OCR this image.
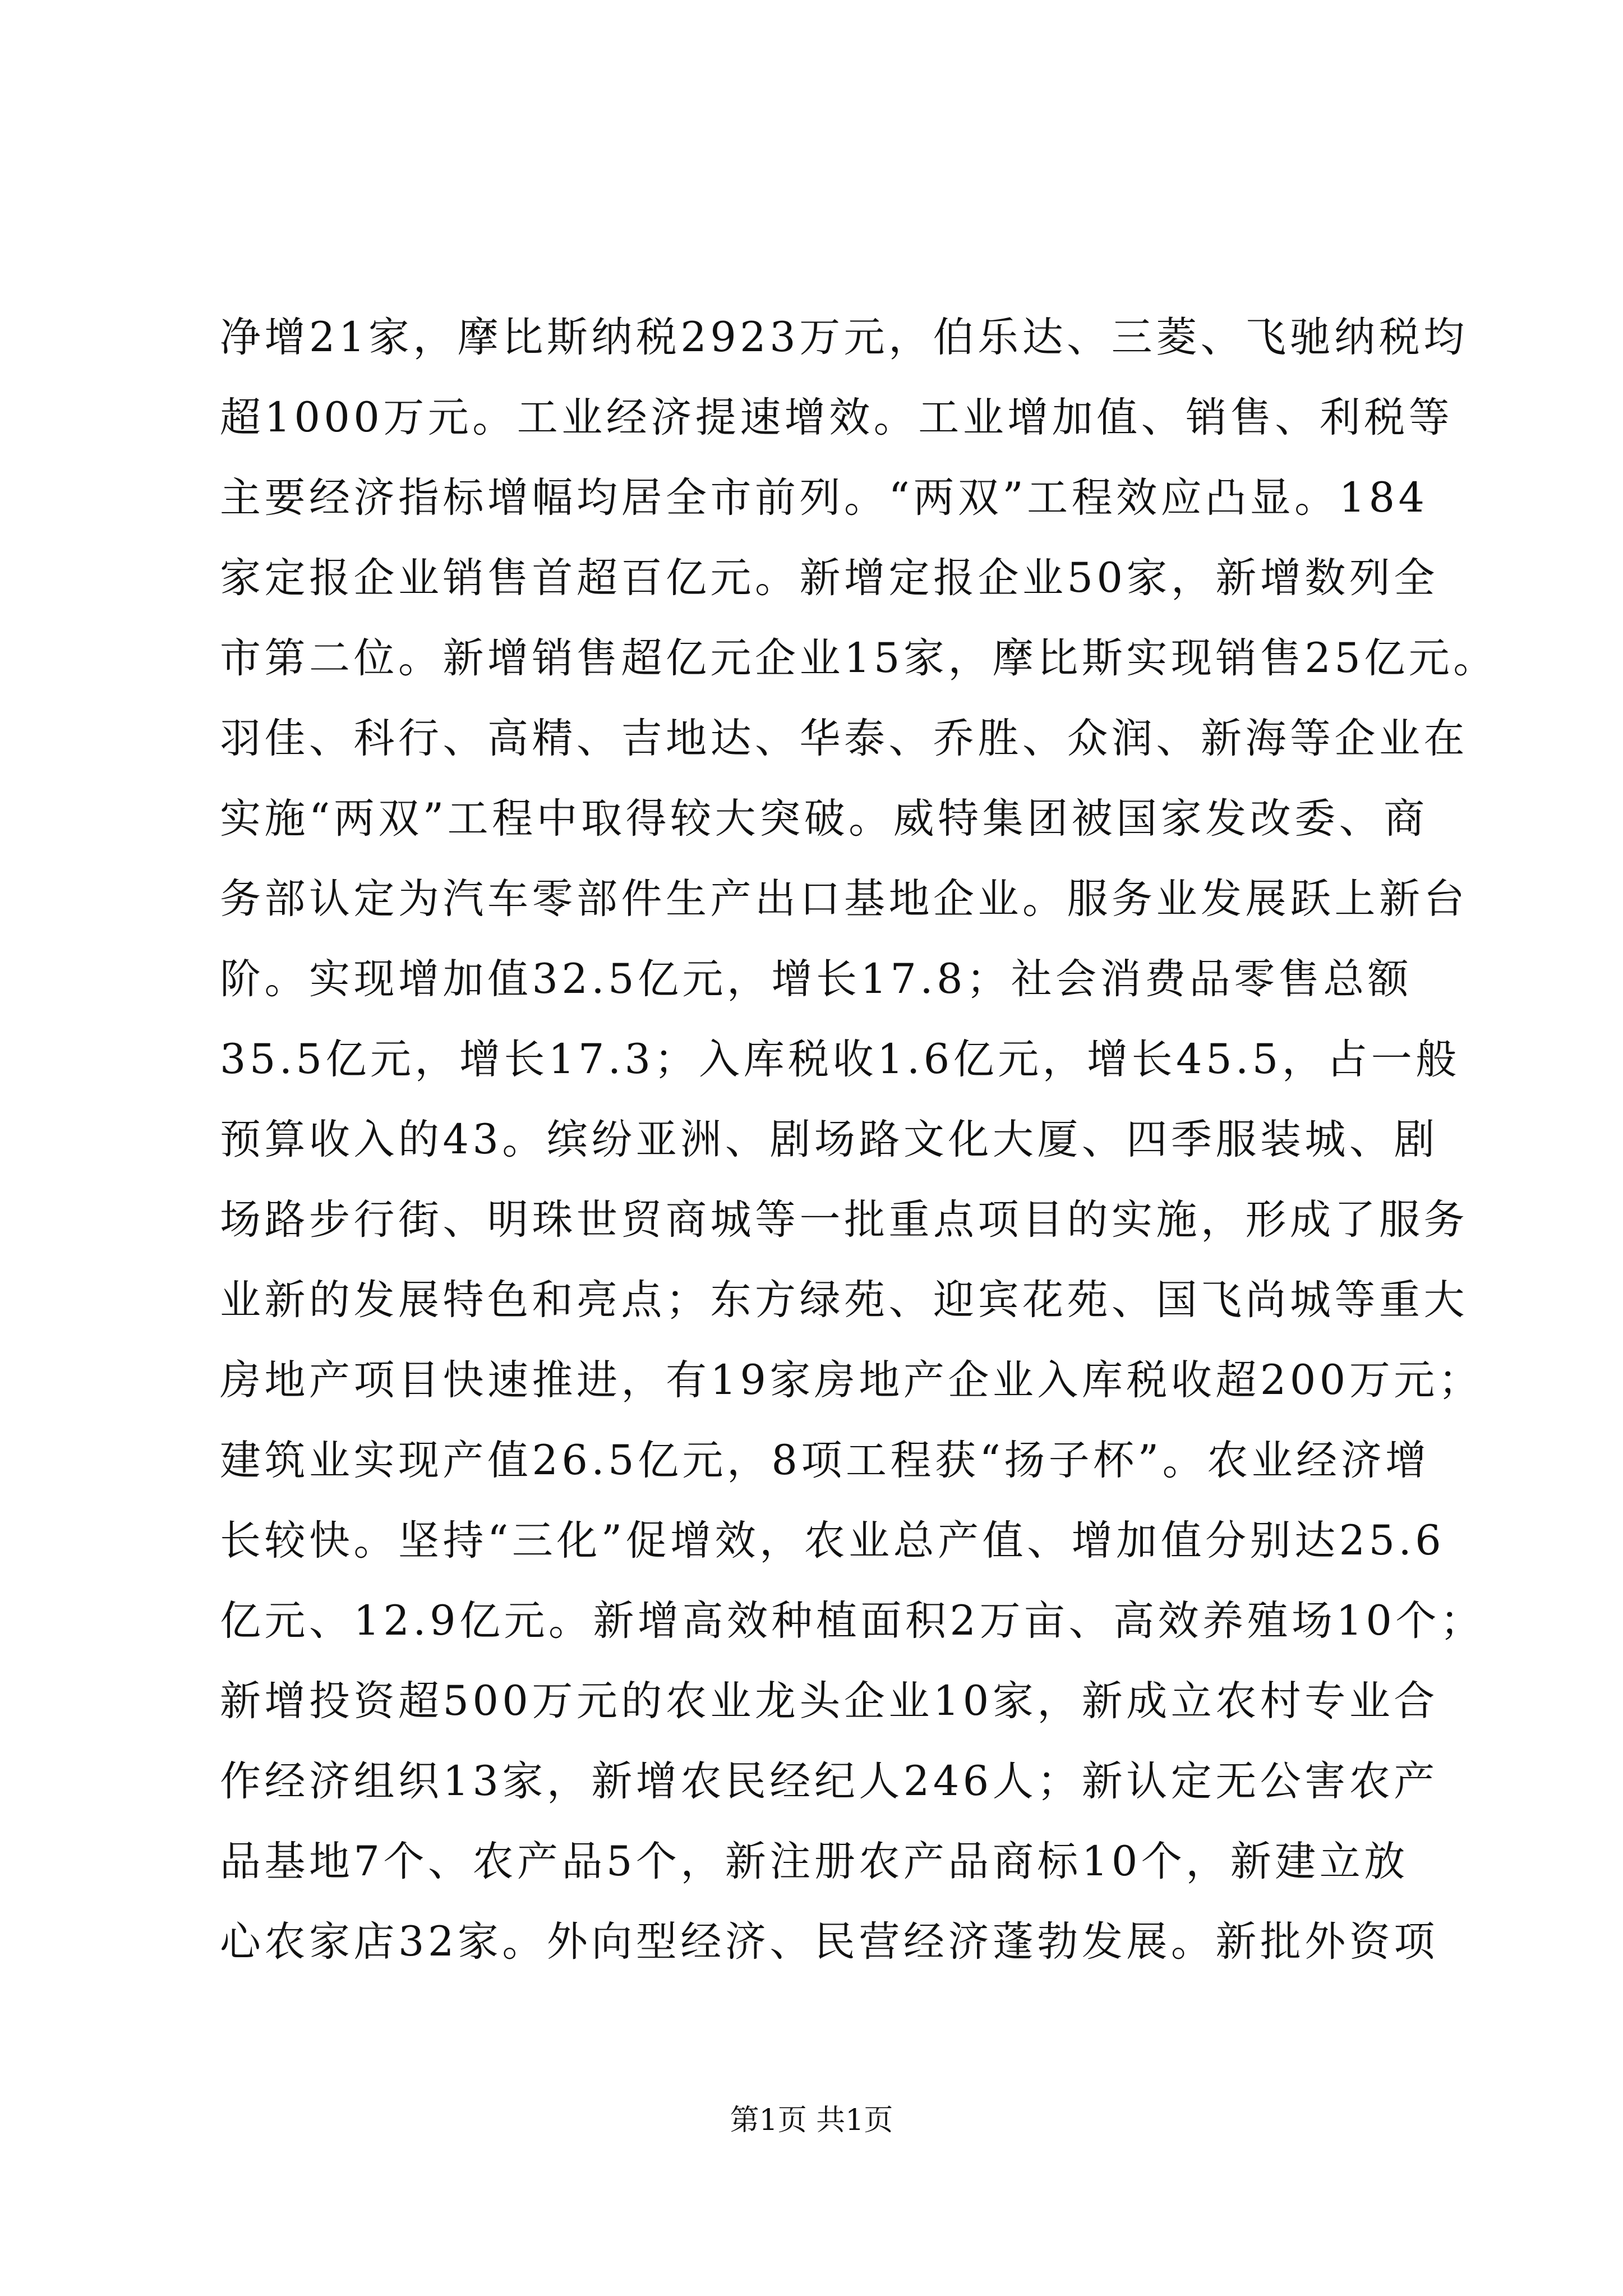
净增21家，摩比斯纳税2923万元，伯乐达、三菱、飞驰纳税均
超1000万元。工业经济提速增效。工业增加值、销售、利税等
主要经济指标增幅均居全市前列。“两双”工程效应凸显。184
家定报企业销售首超百亿元。新增定报企业50家，新增数列全
市第二位。新增销售超亿元企业15家，摩比斯实现销售25亿元。
羽佳、科行、高精、吉地达、华泰、乔胜、众润、新海等企业在
实施“两双”工程中取得较大突破。威特集团被国家发改委、商
务部认定为汽车零部件生产出口基地企业。服务业发展跃上新台
阶。实现增加值32.5亿元，增长17.8；社会消费品零售总额
35.5亿元，增长17.3；入库税收1.6亿元，增长45.5，占一般
预算收入的43。缤纷亚洲、剧场路文化大厦、四季服装城、剧
场路步行街、明珠世贸商城等一批重点项目的实施，形成了服务
业新的发展特色和亮点；东方绿苑、迎宾花苑、国飞尚城等重大
房地产项目快速推进，有19家房地产企业入库税收超200万元；
建筑业实现产值26.5亿元，8项工程获“扬子杯”。农业经济增
长较快。坚持“三化”促增效，农业总产值、增加值分别达25.6
亿元、12.9亿元。新增高效种植面积2万亩、高效养殖场10个；
新增投资超500万元的农业龙头企业10家，新成立农村专业合
作经济组织13家，新增农民经纪人246人；新认定无公害农产
品基地7个、农产品5个，新注册农产品商标10个，新建立放
心农家店32家。外向型经济、民营经济蓬勃发展。新批外资项
第1页 共1页
